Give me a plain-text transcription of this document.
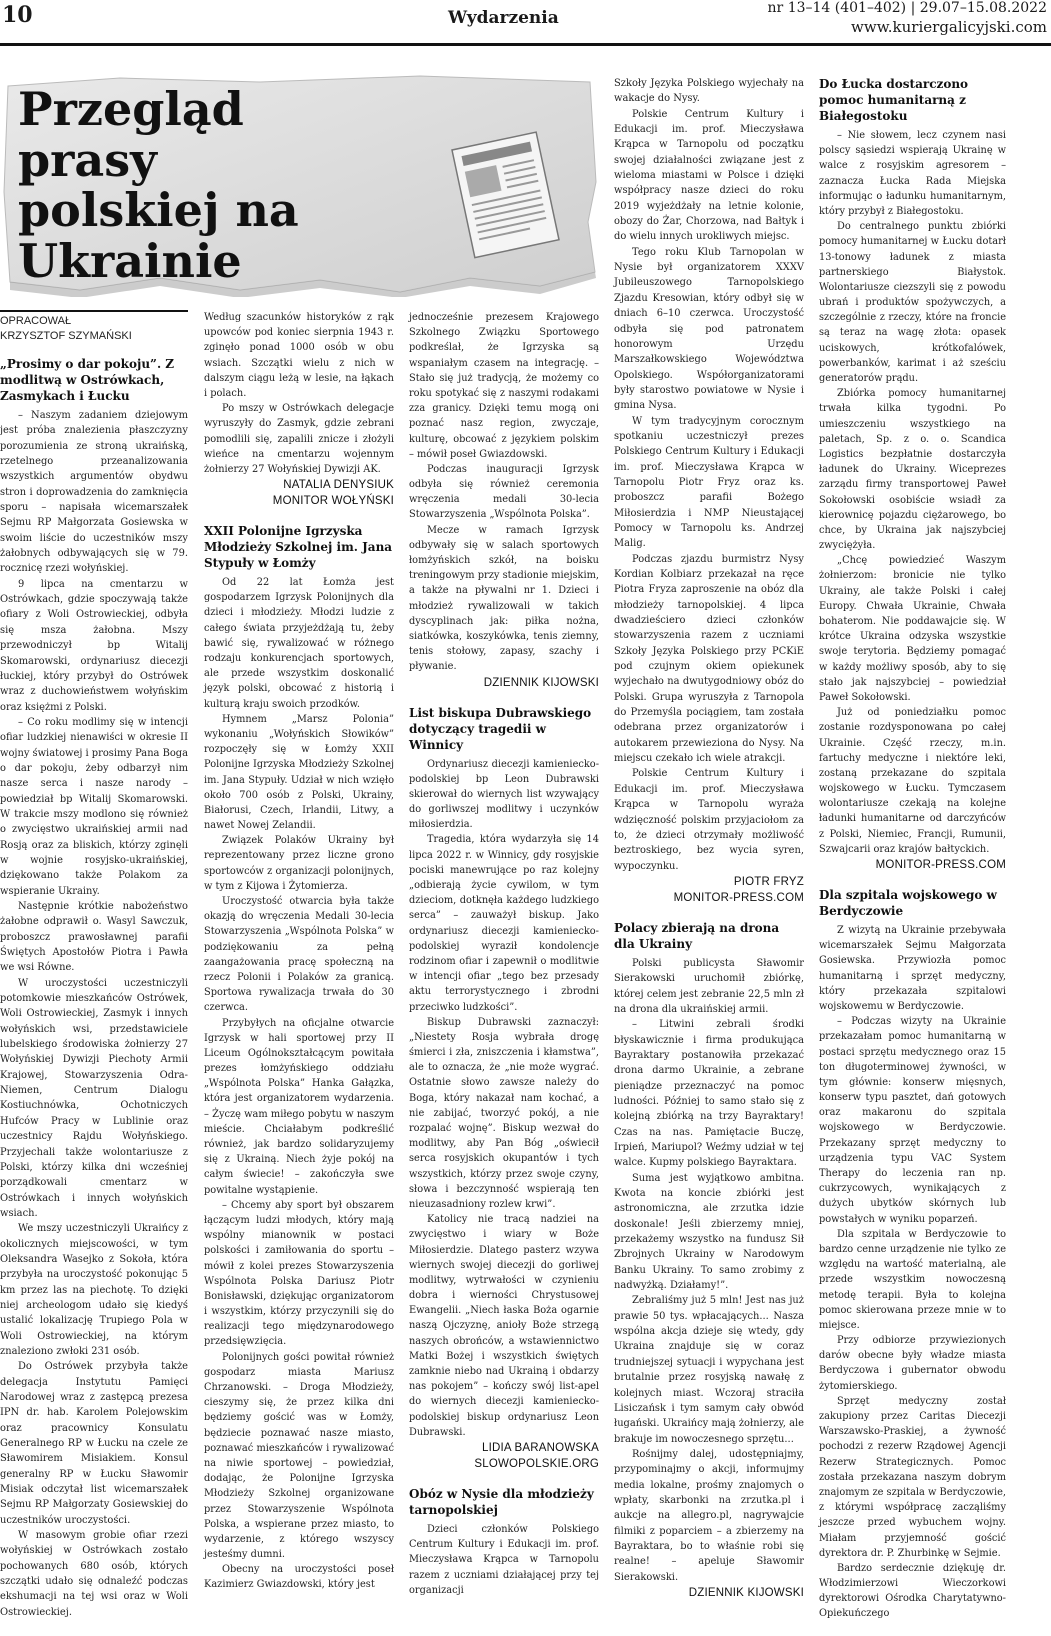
10	Wydarzenia	nr 13–14 (401–402) | 29.07–15.08.2022
www.kuriergalicyjski.com
Przegląd prasy polskiej na Ukrainie
OPRACOWAŁ
KRZYSZTOF SZYMAŃSKI
„Prosimy o dar pokoju”. Z modlitwą w Ostrówkach, Zasmykach i Łucku

– Naszym zadaniem dziejowym jest próba znalezienia płaszczyzny porozumienia ze stroną ukraińską, rzetelnego przeanalizowania wszystkich argumentów obydwu stron i doprowadzenia do zamknięcia sporu – napisała wicemarszałek Sejmu RP Małgorzata Gosiewska w swoim liście do uczestników mszy żałobnych odbywających się w 79. rocznicę rzezi wołyńskiej.

9 lipca na cmentarzu w Ostrówkach, gdzie spoczywają także ofiary z Woli Ostrowieckiej, odbyła się msza żałobna. Mszy przewodniczył bp Witalij Skomarowski, ordynariusz diecezji łuckiej, który przybył do Ostrówek wraz z duchowieństwem wołyńskim oraz księżmi z Polski.

– Co roku modlimy się w intencji ofiar ludzkiej nienawiści w okresie II wojny światowej i prosimy Pana Boga o dar pokoju, żeby odbarzył nim nasze serca i nasze narody – powiedział bp Witalij Skomarowski. W trakcie mszy modlono się również o zwycięstwo ukraińskiej armii nad Rosją oraz za bliskich, którzy zginęli w wojnie rosyjsko-ukraińskiej, dziękowano także Polakom za wspieranie Ukrainy.

Następnie krótkie nabożeństwo żałobne odprawił o. Wasyl Sawczuk, proboszcz prawosławnej parafii Świętych Apostołów Piotra i Pawła we wsi Równe.

W uroczystości uczestniczyli potomkowie mieszkańców Ostrówek, Woli Ostrowieckiej, Zasmyk i innych wołyńskich wsi, przedstawiciele lubelskiego środowiska żołnierzy 27 Wołyńskiej Dywizji Piechoty Armii Krajowej, Stowarzyszenia Odra-Niemen, Centrum Dialogu Kostiuchnówka, Ochotniczych Hufców Pracy w Lublinie oraz uczestnicy Rajdu Wołyńskiego. Przyjechali także wolontariusze z Polski, którzy kilka dni wcześniej porządkowali cmentarz w Ostrówkach i innych wołyńskich wsiach.

We mszy uczestniczyli Ukraińcy z okolicznych miejscowości, w tym Oleksandra Wasejko z Sokoła, która przybyła na uroczystość pokonując 5 km przez las na piechotę. To dzięki niej archeologom udało się kiedyś ustalić lokalizację Trupiego Pola w Woli Ostrowieckiej, na którym znaleziono zwłoki 231 osób.

Do Ostrówek przybyła także delegacja Instytutu Pamięci Narodowej wraz z zastępcą prezesa IPN dr. hab. Karolem Polejowskim oraz pracownicy Konsulatu Generalnego RP w Łucku na czele ze Sławomirem Misiakiem. Konsul generalny RP w Łucku Sławomir Misiak odczytał list wicemarszałek Sejmu RP Małgorzaty Gosiewskiej do uczestników uroczystości.

W masowym grobie ofiar rzezi wołyńskiej w Ostrówkach zostało pochowanych 680 osób, których szczątki udało się odnaleźć podczas ekshumacji na tej wsi oraz w Woli Ostrowieckiej.

Według szacunków historyków z rąk upowców pod koniec sierpnia 1943 r. zginęło ponad 1000 osób w obu wsiach. Szczątki wielu z nich w dalszym ciągu leżą w lesie, na łąkach i polach.

Po mszy w Ostrówkach delegacje wyruszyły do Zasmyk, gdzie zebrani pomodlili się, zapalili znicze i złożyli wieńce na cmentarzu wojennym żołnierzy 27 Wołyńskiej Dywizji AK.

NATALIA DENYSIUK
MONITOR WOŁYŃSKI
XXII Polonijne Igrzyska Młodzieży Szkolnej im. Jana Stypuły w Łomży

Od 22 lat Łomża jest gospodarzem Igrzysk Polonijnych dla dzieci i młodzieży. Młodzi ludzie z całego świata przyjeżdżają tu, żeby bawić się, rywalizować w różnego rodzaju konkurencjach sportowych, ale przede wszystkim doskonalić język polski, obcować z historią i kulturą kraju swoich przodków.

Hymnem „Marsz Polonia” wykonaniu „Wołyńskich Słowików” rozpoczęły się w Łomży XXII Polonijne Igrzyska Młodzieży Szkolnej im. Jana Stypuły. Udział w nich wzięło około 700 osób z Polski, Ukrainy, Białorusi, Czech, Irlandii, Litwy, a nawet Nowej Zelandii.

Związek Polaków Ukrainy był reprezentowany przez liczne grono sportowców z organizacji polonijnych, w tym z Kijowa i Żytomierza.

Uroczystość otwarcia była także okazją do wręczenia Medali 30-lecia Stowarzyszenia „Wspólnota Polska” w podziękowaniu za pełną zaangażowania pracę społeczną na rzecz Polonii i Polaków za granicą. Sportowa rywalizacja trwała do 30 czerwca.

Przybyłych na oficjalne otwarcie Igrzysk w hali sportowej przy II Liceum Ogólnokształcącym powitała prezes łomżyńskiego oddziału „Wspólnota Polska” Hanka Gałązka, która jest organizatorem wydarzenia. – Życzę wam miłego pobytu w naszym mieście. Chciałabym podkreślić również, jak bardzo solidaryzujemy się z Ukrainą. Niech żyje pokój na całym świecie! – zakończyła swe powitalne wystąpienie.

– Chcemy aby sport był obszarem łączącym ludzi młodych, który mają wspólny mianownik w postaci polskości i zamiłowania do sportu – mówił z kolei prezes Stowarzyszenia Wspólnota Polska Dariusz Piotr Bonisławski, dziękując organizatorom i wszystkim, którzy przyczynili się do realizacji tego międzynarodowego przedsięwzięcia.

Polonijnych gości powitał również gospodarz miasta Mariusz Chrzanowski. – Droga Młodzieży, cieszymy się, że przez kilka dni będziemy gościć was w Łomży, będziecie poznawać nasze miasto, poznawać mieszkańców i rywalizować na niwie sportowej – powiedział, dodając, że Polonijne Igrzyska Młodzieży Szkolnej organizowane przez Stowarzyszenie Wspólnota Polska, a wspierane przez miasto, to wydarzenie, z którego wszyscy jesteśmy dumni.

Obecny na uroczystości poseł Kazimierz Gwiazdowski, który jest

jednocześnie prezesem Krajowego Szkolnego Związku Sportowego podkreślał, że Igrzyska są wspaniałym czasem na integrację. – Stało się już tradycją, że możemy co roku spotykać się z naszymi rodakami zza granicy. Dzięki temu mogą oni poznać nasz region, zwyczaje, kulturę, obcować z językiem polskim – mówił poseł Gwiazdowski.

Podczas inauguracji Igrzysk odbyła się również ceremonia wręczenia medali 30-lecia Stowarzyszenia „Wspólnota Polska”.

Mecze w ramach Igrzysk odbywały się w salach sportowych łomżyńskich szkół, na boisku treningowym przy stadionie miejskim, a także na pływalni nr 1. Dzieci i młodzież rywalizowali w takich dyscyplinach jak: piłka nożna, siatkówka, koszykówka, tenis ziemny, tenis stołowy, zapasy, szachy i pływanie.

DZIENNIK KIJOWSKI
List biskupa Dubrawskiego dotyczący tragedii w Winnicy

Ordynariusz diecezji kamieniecko-podolskiej bp Leon Dubrawski skierował do wiernych list wzywający do gorliwszej modlitwy i uczynków miłosierdzia.

Tragedia, która wydarzyła się 14 lipca 2022 r. w Winnicy, gdy rosyjskie pociski manewrujące po raz kolejny „odbierają życie cywilom, w tym dzieciom, dotknęła każdego ludzkiego serca” – zauważył biskup. Jako ordynariusz diecezji kamieniecko-podolskiej wyraził kondolencje rodzinom ofiar i zapewnił o modlitwie w intencji ofiar „tego bez przesady aktu terrorystycznego i zbrodni przeciwko ludzkości”.

Biskup Dubrawski zaznaczył: „Niestety Rosja wybrała drogę śmierci i zła, zniszczenia i kłamstwa”, ale to oznacza, że „nie może wygrać. Ostatnie słowo zawsze należy do Boga, który nakazał nam kochać, a nie zabijać, tworzyć pokój, a nie rozpalać wojnę”. Biskup wezwał do modlitwy, aby Pan Bóg „oświecił serca rosyjskich okupantów i tych wszystkich, którzy przez swoje czyny, słowa i bezczynność wspierają ten nieuzasadniony rozlew krwi”.

Katolicy nie tracą nadziei na zwycięstwo i wiary w Boże Miłosierdzie. Dlatego pasterz wzywa wiernych swojej diecezji do gorliwej modlitwy, wytrwałości w czynieniu dobra i wierności Chrystusowej Ewangelii. „Niech łaska Boża ogarnie naszą Ojczyznę, anioły Boże strzegą naszych obrońców, a wstawiennictwo Matki Bożej i wszystkich świętych zamknie niebo nad Ukrainą i obdarzy nas pokojem” – kończy swój list-apel do wiernych diecezji kamieniecko-podolskiej biskup ordynariusz Leon Dubrawski.

LIDIA BARANOWSKA
SLOWOPOLSKIE.ORG
Obóz w Nysie dla młodzieży tarnopolskiej

Dzieci członków Polskiego Centrum Kultury i Edukacji im. prof. Mieczysława Krąpca w Tarnopolu razem z uczniami działającej przy tej organizacji

Szkoły Języka Polskiego wyjechały na wakacje do Nysy.

Polskie Centrum Kultury i Edukacji im. prof. Mieczysława Krąpca w Tarnopolu od początku swojej działalności związane jest z wieloma miastami w Polsce i dzięki współpracy nasze dzieci do roku 2019 wyjeżdżały na letnie kolonie, obozy do Żar, Chorzowa, nad Bałtyk i do wielu innych urokliwych miejsc.

Tego roku Klub Tarnopolan w Nysie był organizatorem XXXV Jubileuszowego Tarnopolskiego Zjazdu Kresowian, który odbył się w dniach 6–10 czerwca. Uroczystość odbyła się pod patronatem honorowym Urzędu Marszałkowskiego Województwa Opolskiego. Współorganizatorami były starostwo powiatowe w Nysie i gmina Nysa.

W tym tradycyjnym corocznym spotkaniu uczestniczył prezes Polskiego Centrum Kultury i Edukacji im. prof. Mieczysława Krąpca w Tarnopolu Piotr Fryz oraz ks. proboszcz parafii Bożego Miłosierdzia i NMP Nieustającej Pomocy w Tarnopolu ks. Andrzej Malig.

Podczas zjazdu burmistrz Nysy Kordian Kolbiarz przekazał na ręce Piotra Fryza zaproszenie na obóz dla młodzieży tarnopolskiej. 4 lipca dwadzieściero dzieci członków stowarzyszenia razem z uczniami Szkoły Języka Polskiego przy PCKiE pod czujnym okiem opiekunek wyjechało na dwutygodniowy obóz do Polski. Grupa wyruszyła z Tarnopola do Przemyśla pociągiem, tam została odebrana przez organizatorów i autokarem przewieziona do Nysy. Na miejscu czekało ich wiele atrakcji.

Polskie Centrum Kultury i Edukacji im. prof. Mieczysława Krąpca w Tarnopolu wyraża wdzięczność polskim przyjaciołom za to, że dzieci otrzymały możliwość beztroskiego, bez wycia syren, wypoczynku.

PIOTR FRYZ
MONITOR-PRESS.COM
Polacy zbierają na drona dla Ukrainy

Polski publicysta Sławomir Sierakowski uruchomił zbiórkę, której celem jest zebranie 22,5 mln zł na drona dla ukraińskiej armii.

– Litwini zebrali środki błyskawicznie i firma produkująca Bayraktary postanowiła przekazać drona darmo Ukrainie, a zebrane pieniądze przeznaczyć na pomoc ludności. Później to samo stało się z kolejną zbiórką na trzy Bayraktary! Czas na nas. Pamiętacie Buczę, Irpień, Mariupol? Weźmy udział w tej walce. Kupmy polskiego Bayraktara.

Suma jest wyjątkowo ambitna. Kwota na koncie zbiórki jest astronomiczna, ale zrzutka idzie doskonale! Jeśli zbierzemy mniej, przekażemy wszystko na fundusz Sił Zbrojnych Ukrainy w Narodowym Banku Ukrainy. To samo zrobimy z nadwyżką. Działamy!”.

Zebraliśmy już 5 mln! Jest nas już prawie 50 tys. wpłacających... Nasza wspólna akcja dzieje się wtedy, gdy Ukraina znajduje się w coraz trudniejszej sytuacji i wypychana jest brutalnie przez rosyjską nawałę z kolejnych miast. Wczoraj straciła Lisiczańsk i tym samym cały obwód ługański. Ukraińcy mają żołnierzy, ale brakuje im nowoczesnego sprzętu...

Rośnijmy dalej, udostępniajmy, przypominajmy o akcji, informujmy media lokalne, prośmy znajomych o wpłaty, skarbonki na zrzutka.pl i aukcje na allegro.pl, nagrywajcie filmiki z poparciem – a zbierzemy na Bayraktara, bo to właśnie robi się realne! – apeluje Sławomir Sierakowski.

DZIENNIK KIJOWSKI
Do Łucka dostarczono pomoc humanitarną z Białegostoku

– Nie słowem, lecz czynem nasi polscy sąsiedzi wspierają Ukrainę w walce z rosyjskim agresorem –zaznacza Łucka Rada Miejska informując o ładunku humanitarnym, który przybył z Białegostoku.

Do centralnego punktu zbiórki pomocy humanitarnej w Łucku dotarł 13-tonowy ładunek z miasta partnerskiego Białystok. Wolontariusze ciezszyli się z powodu ubrań i produktów spożywczych, a szczególnie z rzeczy, które na froncie są teraz na wagę złota: opasek uciskowych, krótkofalówek, powerbanków, karimat i aż sześciu generatorów prądu.

Zbiórka pomocy humanitarnej trwała kilka tygodni. Po umieszczeniu wszystkiego na paletach, Sp. z o. o. Scandica Logistics bezpłatnie dostarczyła ładunek do Ukrainy. Wiceprezes zarządu firmy transportowej Paweł Sokołowski osobiście wsiadł za kierownicę pojazdu ciężarowego, bo chce, by Ukraina jak najszybciej zwyciężyła.

„Chcę powiedzieć Waszym żołnierzom: bronicie nie tylko Ukrainy, ale także Polski i całej Europy. Chwała Ukrainie, Chwała bohaterom. Nie poddawajcie się. W krótce Ukraina odzyska wszystkie swoje terytoria. Będziemy pomagać w każdy możliwy sposób, aby to się stało jak najszybciej – powiedział Paweł Sokołowski.

Już od poniedziałku pomoc zostanie rozdysponowana po całej Ukrainie. Część rzeczy, m.in. fartuchy medyczne i niektóre leki, zostaną przekazane do szpitala wojskowego w Łucku. Tymczasem wolontariusze czekają na kolejne ładunki humanitarne od darczyńców z Polski, Niemiec, Francji, Rumunii, Szwajcarii oraz krajów bałtyckich.

MONITOR-PRESS.COM
Dla szpitala wojskowego w Berdyczowie

Z wizytą na Ukrainie przebywała wicemarszałek Sejmu Małgorzata Gosiewska. Przywiozła pomoc humanitarną i sprzęt medyczny, który przekazała szpitalowi wojskowemu w Berdyczowie.

– Podczas wizyty na Ukrainie przekazałam pomoc humanitarną w postaci sprzętu medycznego oraz 15 ton długoterminowej żywności, w tym głównie: konserw mięsnych, konserw typu pasztet, dań gotowych oraz makaronu do szpitala wojskowego w Berdyczowie. Przekazany sprzęt medyczny to urządzenia typu VAC System Therapy do leczenia ran np. cukrzycowych, wynikających z dużych ubytków skórnych lub powstałych w wyniku poparzeń.

Dla szpitala w Berdyczowie to bardzo cenne urządzenie nie tylko ze względu na wartość materialną, ale przede wszystkim nowoczesną metodę terapii. Była to kolejna pomoc skierowana przeze mnie w to miejsce.

Przy odbiorze przywiezionych darów obecne były władze miasta Berdyczowa i gubernator obwodu żytomierskiego.

Sprzęt medyczny został zakupiony przez Caritas Diecezji Warszawsko-Praskiej, a żywność pochodzi z rezerw Rządowej Agencji Rezerw Strategicznych. Pomoc została przekazana naszym dobrym znajomym ze szpitala w Berdyczowie, z którymi współpracę zacząliśmy jeszcze przed wybuchem wojny. Miałam przyjemność gościć dyrektora dr. P. Zhurbinkę w Sejmie.

Bardzo serdecznie dziękuję dr. Włodzimierzowi Wieczorkowi dyrektorowi Ośrodka Charytatywno-Opiekuńczego
